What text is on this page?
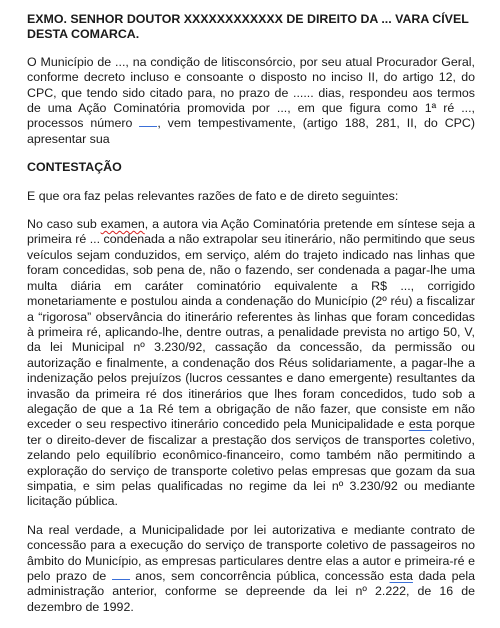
EXMO. SENHOR DOUTOR XXXXXXXXXXXX DE DIREITO DA ... VARA CÍVEL DESTA COMARCA.

O Município de ..., na condição de litisconsórcio, por seu atual Procurador Geral, conforme decreto incluso e consoante o disposto no inciso II, do artigo 12, do CPC, que tendo sido citado para, no prazo de ...... dias, respondeu aos termos de uma Ação Cominatória promovida por ..., em que figura como 1ª ré ..., processos número , vem tempestivamente, (artigo 188, 281, II, do CPC) apresentar sua

CONTESTAÇÃO

E que ora faz pelas relevantes razões de fato e de direto seguintes:

No caso sub examen, a autora via Ação Cominatória pretende em síntese seja a primeira ré ... condenada a não extrapolar seu itinerário, não permitindo que seus veículos sejam conduzidos, em serviço, além do trajeto indicado nas linhas que foram concedidas, sob pena de, não o fazendo, ser condenada a pagar-lhe uma multa diária em caráter cominatório equivalente a R$ ..., corrigido monetariamente e postulou ainda a condenação do Município (2º réu) a fiscalizar a “rigorosa” observância do itinerário referentes às linhas que foram concedidas à primeira ré, aplicando-lhe, dentre outras, a penalidade prevista no artigo 50, V, da lei Municipal nº 3.230/92, cassação da concessão, da permissão ou autorização e finalmente, a condenação dos Réus solidariamente, a pagar-lhe a indenização pelos prejuízos (lucros cessantes e dano emergente) resultantes da invasão da primeira ré dos itinerários que lhes foram concedidos, tudo sob a alegação de que a 1a Ré tem a obrigação de não fazer, que consiste em não exceder o seu respectivo itinerário concedido pela Municipalidade e esta porque ter o direito-dever de fiscalizar a prestação dos serviços de transportes coletivo, zelando pelo equilíbrio econômico-financeiro, como também não permitindo a exploração do serviço de transporte coletivo pelas empresas que gozam da sua simpatia, e sim pelas qualificadas no regime da lei nº 3.230/92 ou mediante licitação pública.

Na real verdade, a Municipalidade por lei autorizativa e mediante contrato de concessão para a execução do serviço de transporte coletivo de passageiros no âmbito do Município, as empresas particulares dentre elas a autor e primeira-ré e pelo prazo de  anos, sem concorrência pública, concessão esta dada pela administração anterior, conforme se depreende da lei nº 2.222, de 16 de dezembro de 1992.
